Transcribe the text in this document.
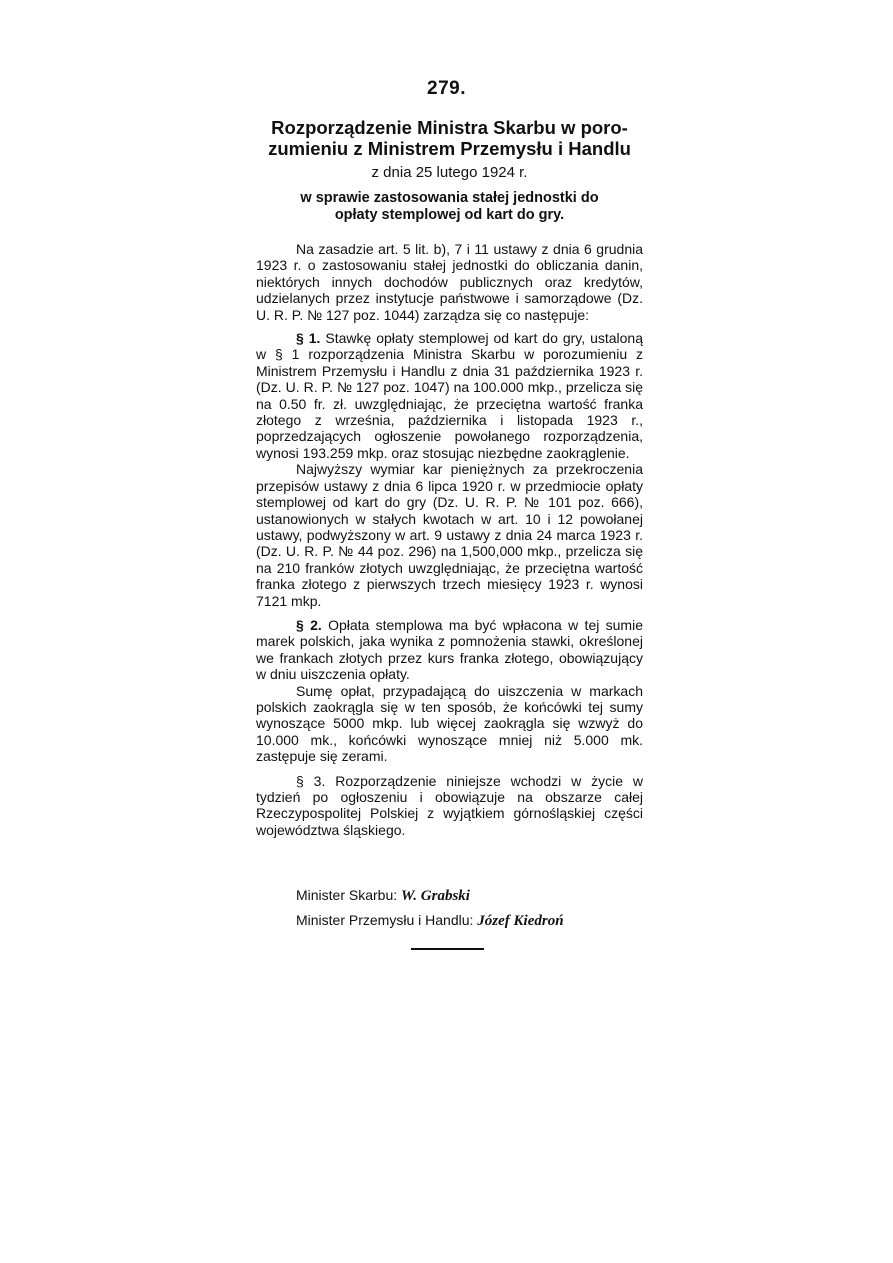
279.
Rozporządzenie Ministra Skarbu w poro-
zumieniu z Ministrem Przemysłu i Handlu
z dnia 25 lutego 1924 r.
w sprawie zastosowania stałej jednostki do
opłaty stemplowej od kart do gry.

Na zasadzie art. 5 lit. b), 7 i 11 ustawy z dnia 6 grudnia 1923 r. o zastosowaniu stałej jednostki do obliczania danin, niektórych innych dochodów publicznych oraz kredytów, udzielanych przez instytucje państwowe i samorządowe (Dz. U. R. P. № 127 poz. 1044) zarządza się co następuje:

§ 1. Stawkę opłaty stemplowej od kart do gry, ustaloną w § 1 rozporządzenia Ministra Skarbu w porozumieniu z Ministrem Przemysłu i Handlu z dnia 31 października 1923 r. (Dz. U. R. P. № 127 poz. 1047) na 100.000 mkp., przelicza się na 0.50 fr. zł. uwzględniając, że przeciętna wartość franka złotego z września, października i listopada 1923 r., poprzedzających ogłoszenie powołanego rozporządzenia, wynosi 193.259 mkp. oraz stosując niezbędne zaokrąglenie.

Najwyższy wymiar kar pieniężnych za przekroczenia przepisów ustawy z dnia 6 lipca 1920 r. w przedmiocie opłaty stemplowej od kart do gry (Dz. U. R. P. № 101 poz. 666), ustanowionych w stałych kwotach w art. 10 i 12 powołanej ustawy, podwyższony w art. 9 ustawy z dnia 24 marca 1923 r. (Dz. U. R. P. № 44 poz. 296) na 1,500,000 mkp., przelicza się na 210 franków złotych uwzględniając, że przeciętna wartość franka złotego z pierwszych trzech miesięcy 1923 r. wynosi 7121 mkp.

§ 2. Opłata stemplowa ma być wpłacona w tej sumie marek polskich, jaka wynika z pomnożenia stawki, określonej we frankach złotych przez kurs franka złotego, obowiązujący w dniu uiszczenia opłaty.

Sumę opłat, przypadającą do uiszczenia w markach polskich zaokrągla się w ten sposób, że końcówki tej sumy wynoszące 5000 mkp. lub więcej zaokrągla się wzwyż do 10.000 mk., końcówki wynoszące mniej niż 5.000 mk. zastępuje się zerami.

§ 3. Rozporządzenie niniejsze wchodzi w życie w tydzień po ogłoszeniu i obowiązuje na obszarze całej Rzeczypospolitej Polskiej z wyjątkiem górnośląskiej części województwa śląskiego.

Minister Skarbu: W. Grabski
Minister Przemysłu i Handlu: Józef Kiedroń
